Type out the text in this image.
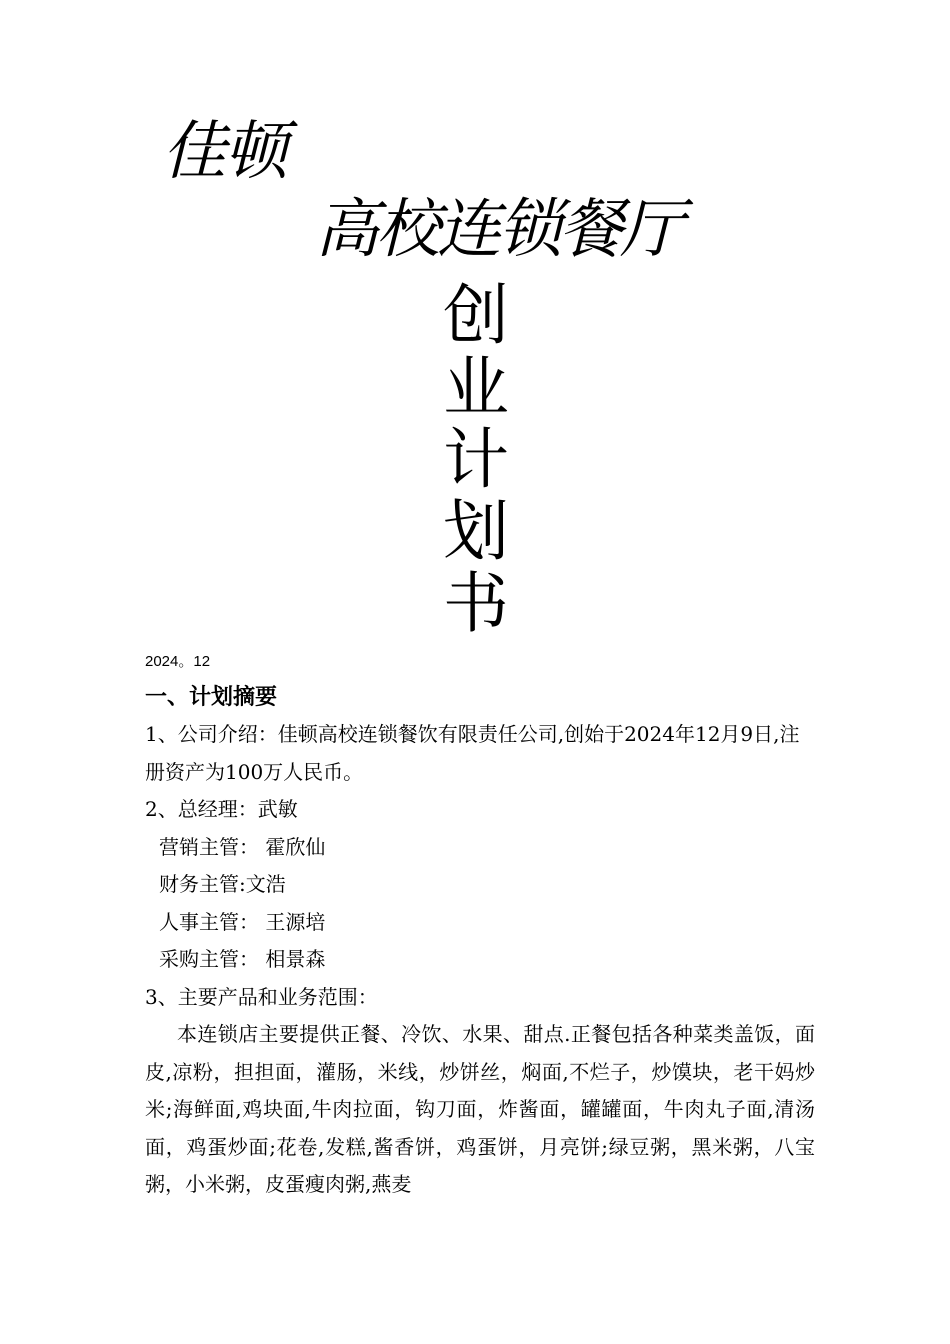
佳顿
高校连锁餐厅
创
业
计
划
书
2024。12
一、计划摘要

1、公司介绍：佳顿高校连锁餐饮有限责任公司,创始于2024年12月9日,注册资产为100万人民币。

2、总经理：武敏

营销主管： 霍欣仙

财务主管:文浩

人事主管： 王源培

采购主管： 相景森

3、主要产品和业务范围：

本连锁店主要提供正餐、冷饮、水果、甜点.正餐包括各种菜类盖饭，面皮,凉粉，担担面，灌肠，米线，炒饼丝，焖面,不烂子，炒馍块，老干妈炒米;海鲜面,鸡块面,牛肉拉面，钩刀面，炸酱面，罐罐面，牛肉丸子面,清汤面，鸡蛋炒面;花卷,发糕,酱香饼，鸡蛋饼，月亮饼;绿豆粥，黑米粥，八宝粥，小米粥，皮蛋瘦肉粥,燕麦
